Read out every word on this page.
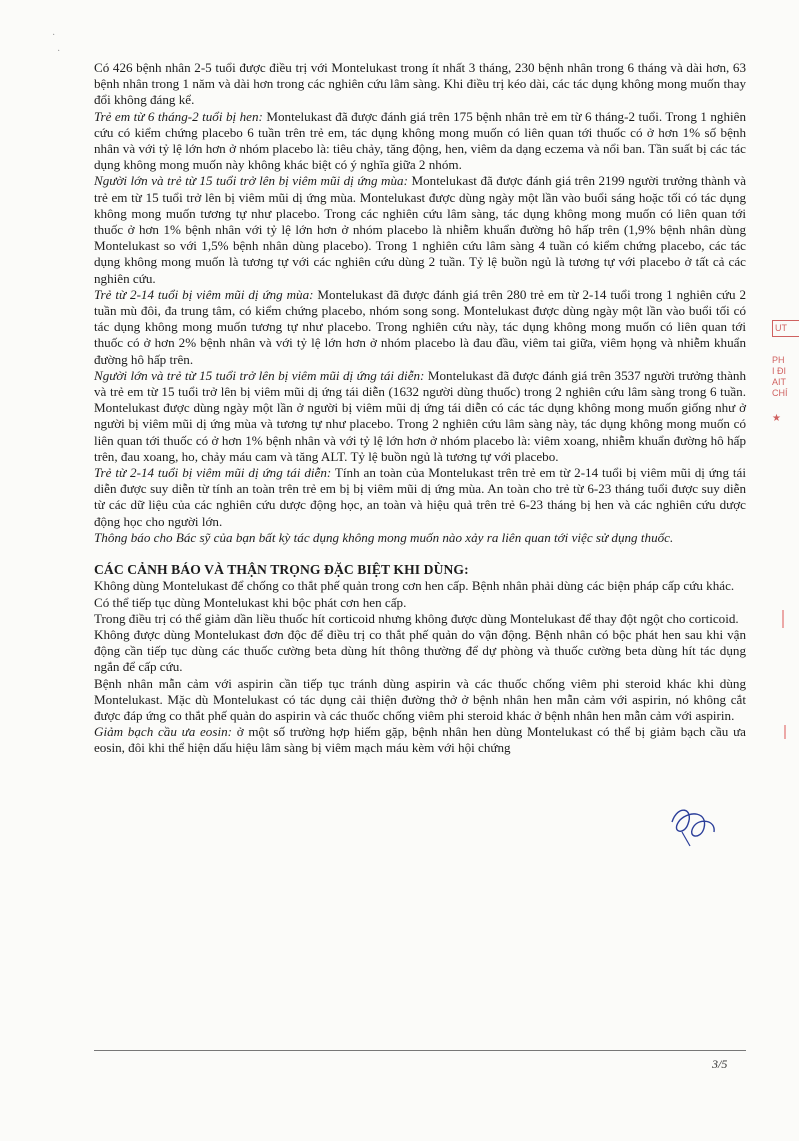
·
·

Có 426 bệnh nhân 2-5 tuổi được điều trị với Montelukast trong ít nhất 3 tháng, 230 bệnh nhân trong 6 tháng và dài hơn, 63 bệnh nhân trong 1 năm và dài hơn trong các nghiên cứu lâm sàng. Khi điều trị kéo dài, các tác dụng không mong muốn thay đổi không đáng kể.

Trẻ em từ 6 tháng-2 tuổi bị hen: Montelukast đã được đánh giá trên 175 bệnh nhân trẻ em từ 6 tháng-2 tuổi. Trong 1 nghiên cứu có kiểm chứng placebo 6 tuần trên trẻ em, tác dụng không mong muốn có liên quan tới thuốc có ở hơn 1% số bệnh nhân và với tỷ lệ lớn hơn ở nhóm placebo là: tiêu chảy, tăng động, hen, viêm da dạng eczema và nổi ban. Tần suất bị các tác dụng không mong muốn này không khác biệt có ý nghĩa giữa 2 nhóm.

Người lớn và trẻ từ 15 tuổi trở lên bị viêm mũi dị ứng mùa: Montelukast đã được đánh giá trên 2199 người trưởng thành và trẻ em từ 15 tuổi trở lên bị viêm mũi dị ứng mùa. Montelukast được dùng ngày một lần vào buổi sáng hoặc tối có tác dụng không mong muốn tương tự như placebo. Trong các nghiên cứu lâm sàng, tác dụng không mong muốn có liên quan tới thuốc ở hơn 1% bệnh nhân với tỷ lệ lớn hơn ở nhóm placebo là nhiễm khuẩn đường hô hấp trên (1,9% bệnh nhân dùng Montelukast so với 1,5% bệnh nhân dùng placebo). Trong 1 nghiên cứu lâm sàng 4 tuần có kiểm chứng placebo, các tác dụng không mong muốn là tương tự với các nghiên cứu dùng 2 tuần. Tỷ lệ buồn ngủ là tương tự với placebo ở tất cả các nghiên cứu.

Trẻ từ 2-14 tuổi bị viêm mũi dị ứng mùa: Montelukast đã được đánh giá trên 280 trẻ em từ 2-14 tuổi trong 1 nghiên cứu 2 tuần mù đôi, đa trung tâm, có kiểm chứng placebo, nhóm song song. Montelukast được dùng ngày một lần vào buổi tối có tác dụng không mong muốn tương tự như placebo. Trong nghiên cứu này, tác dụng không mong muốn có liên quan tới thuốc có ở hơn 2% bệnh nhân và với tỷ lệ lớn hơn ở nhóm placebo là đau đầu, viêm tai giữa, viêm họng và nhiễm khuẩn đường hô hấp trên.

Người lớn và trẻ từ 15 tuổi trở lên bị viêm mũi dị ứng tái diễn: Montelukast đã được đánh giá trên 3537 người trưởng thành và trẻ em từ 15 tuổi trở lên bị viêm mũi dị ứng tái diễn (1632 người dùng thuốc) trong 2 nghiên cứu lâm sàng trong 6 tuần. Montelukast được dùng ngày một lần ở người bị viêm mũi dị ứng tái diễn có các tác dụng không mong muốn giống như ở người bị viêm mũi dị ứng mùa và tương tự như placebo. Trong 2 nghiên cứu lâm sàng này, tác dụng không mong muốn có liên quan tới thuốc có ở hơn 1% bệnh nhân và với tỷ lệ lớn hơn ở nhóm placebo là: viêm xoang, nhiễm khuẩn đường hô hấp trên, đau xoang, ho, chảy máu cam và tăng ALT. Tỷ lệ buồn ngủ là tương tự với placebo.

Trẻ từ 2-14 tuổi bị viêm mũi dị ứng tái diễn: Tính an toàn của Montelukast trên trẻ em từ 2-14 tuổi bị viêm mũi dị ứng tái diễn được suy diễn từ tính an toàn trên trẻ em bị bị viêm mũi dị ứng mùa. An toàn cho trẻ từ 6-23 tháng tuổi được suy diễn từ các dữ liệu của các nghiên cứu dược động học, an toàn và hiệu quả trên trẻ 6-23 tháng bị hen và các nghiên cứu dược động học cho người lớn.

Thông báo cho Bác sỹ của bạn bất kỳ tác dụng không mong muốn nào xảy ra liên quan tới việc sử dụng thuốc.

CÁC CẢNH BÁO VÀ THẬN TRỌNG ĐẶC BIỆT KHI DÙNG:

Không dùng Montelukast để chống co thắt phế quản trong cơn hen cấp. Bệnh nhân phải dùng các biện pháp cấp cứu khác.

Có thể tiếp tục dùng Montelukast khi bộc phát cơn hen cấp.

Trong điều trị có thể giảm dần liều thuốc hít corticoid nhưng không được dùng Montelukast để thay đột ngột cho corticoid.

Không được dùng Montelukast đơn độc để điều trị co thắt phế quản do vận động. Bệnh nhân có bộc phát hen sau khi vận động cần tiếp tục dùng các thuốc cường beta dùng hít thông thường để dự phòng và thuốc cường beta dùng hít tác dụng ngắn để cấp cứu.

Bệnh nhân mẫn cảm với aspirin cần tiếp tục tránh dùng aspirin và các thuốc chống viêm phi steroid khác khi dùng Montelukast. Mặc dù Montelukast có tác dụng cải thiện đường thở ở bệnh nhân hen mẫn cảm với aspirin, nó không cắt được đáp ứng co thắt phế quản do aspirin và các thuốc chống viêm phi steroid khác ở bệnh nhân hen mẫn cảm với aspirin.

Giảm bạch cầu ưa eosin: ở một số trường hợp hiếm gặp, bệnh nhân hen dùng Montelukast có thể bị giảm bạch cầu ưa eosin, đôi khi thể hiện dấu hiệu lâm sàng bị viêm mạch máu kèm với hội chứng

UT
PH
I ĐI
AIT
CHÍ
★
3/5
